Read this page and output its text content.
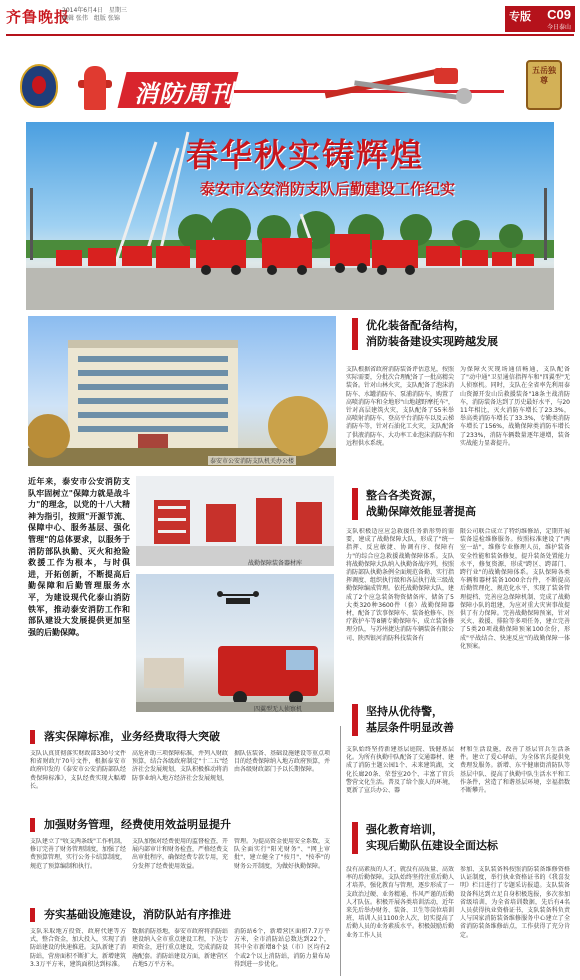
齐鲁晚报
2014年6月4日　星期三
编辑 张伟　组版 张锦	专版 C09
今日泰山
消防周刊
五岳独尊
春华秋实铸辉煌
泰安市公安消防支队后勤建设工作纪实
泰安市公安消防支队机关办公楼
优化装备配备结构，
消防装备建设实现跨越发展
支队根据省政府消防装备评估意见，按照实际需要，分批次合理配备了一批高精尖装备。针对山林火灾，支队配备了泡沫消防车、水罐消防车、泵浦消防车，购置了高喷消防车和全地形"山地越野摩托车"，针对高层建筑火灾，支队配备了55米举高喷射消防车、登高平台消防车以及云梯消防车等，针对石油化工火灾，支队配备了供液消防车、大功率工业泡沫消防车和远程供水系统。
为保障火灾现场通信畅通，支队配备了"动中通"卫星通信指挥车和"四翼型"无人侦察机。同时，支队在全省率先利用泰山资源开发山岳救援装备"18条主战消防车，消防装备达到了历史最好水平，与2011年相比，灭火消防车增长了23.3%，举高类消防车增长了33.3%，专勤类消防车增长了156%，战勤保障类消防车增长了233%，消防车辆数量逐年递增，装备实战能力显著提升。
近年来，泰安市公安消防支队牢固树立"保障力就是战斗力"的理念，以党的十八大精神为指引，按照"开源节流、保障中心、服务基层、强化管理"的总体要求，以服务于消防部队执勤、灭火和抢险救援工作为根本，与时俱进，开拓创新，不断提高后勤保障和后勤管理服务水平，为建设现代化泰山消防铁军，推动泰安消防工作和部队建设大发展提供更加坚强的后勤保障。
战勤保障装备器材库
四翼型无人侦察机
整合各类资源，
战勤保障效能显著提高
支队积极适应应急救援任务新形势的需要，建成了战勤保障大队，形成了"统一指挥、反应敏捷、协调有序、保障有力"的综合应急救援战勤保障体系。支队将战勤保障大队纳入执勤备战序列，按照消防部队执勤条例全面规范备勤、实行指挥调度、组织执行级和各层执行战三级战勤保障编成管理。依托战勤保障大队，建成了2个应急装备物资储备库，储备了5大类320种3600件（套）战勤保障器材，配备了饮事保障车、装备抢修车、医疗救护车等8辆专勤保障车，成立装备修理分队，与苏州捷达消防车辆装备有限公司、陕西银河消防科技装备有
限公司联合成立了特约维修站，定期开展装备巡检维修服务。按照标准建设了"两室一站"，维修专业修理人员，维护装备安全性能和装备修复，提升装备处置能力水平，修复资源，形成"跨区、跨部门、跨行业"的战勤保障体系。支队保障各类车辆和器材装备1000余台件，不断提高后勤管理化、规范化水平，实现了装备管理提档、完善应急保障机制、完成了战勤保障小队的组建，为应对重大灾害事故提供了有力保障。完善战勤保障预案，针对灭火、救援、排险等多项任务，建立完善了5类20项战勤保障预案100余份，形成"平战结合、快速反应"的战勤保障一体化预案。
坚持从优待警，
基层条件明显改善
支队始终坚持新建基层庭院、钱健基层化。为所有执勤中队配备了交通器材、建成了消防主题公园1个、未来建筑湖，文化长廊20条、荣誉室20个、丰富了官兵警营文化生活。普及了给个旅人的环境，更新了宣兵办公、器
材和生活设施，改善了基层官兵生活条件。建立了爱心驿站，为全体官兵提供免费理发服务。新增、东平健康街消防队等基层中队、提高了执勤中队生活水平和工作条件，营造了和谐基层环境，幸福指数不断攀升。
强化教育培训，
实现后勤队伍建设全面达标
没有高素质的人才，就没有高质量、高效率的后勤保障。支队始终坚持注重后勤人才培养，强化教育与管理，逐步形成了一支政治过硬、业务精通、作风严谨的后勤人才队伍。积极开展各类培训活动，近年来先后举办财务、装备、卫生等岗位培训班，培训人员1100余人次，切实提高了后勤人员的业务素质水平。积极鼓励后勤业务工作人员
参加、支队装备科按照消防装备维修资格认证制度，举行执业资格证书的《我喜发明》栏目进行了专题采访报道。支队装备设备科达到立足自身积极选报，多次参加省级培训，为全省培训数据，先后有4名人员获得执业资格证书，支队装备科负责人与国家消防装备维修服务中心建立了全省消防装备维修站点，工作获得了充分肯定。
落实保障标准，业务经费取得大突破
支队认真贯彻落实财政部330号文件和省财政厅70号文件，根据泰安市政府印发的《泰安市公安消防部队经费保障标准》，支队经费实现大幅增长。
高危补助三项保障标准，并列入财政预算，结合各级政府制定"十二五"经济社会发展规划，支队积极推动将消防事业纳入地方经济社会发展规划，
据队伍装备、基础设施建设等重点项目的经费保障纳入地方政府预算，并由各级财政部门予以长期保障。
加强财务管理，经费使用效益明显提升
支队建立了"收支两条线"工作机制，修订完善了财务管理制度，加强了经费预算管理，实行公务卡结算制度，规范了预算编制和执行。
支队加强对经费使用的监督检查，开展内部审计和财务检查，严格经费支出审批程序，确保经费专款专用，充分发挥了经费使用效益。
管理。为提高资金使用安全系数，支队全面实行"阳光财务"、"网上审批"，建立健全了"按月"、"按季"的财务公开制度，为做好执勤保障。
夯实基础设施建设，消防队站有序推进
支队采取地方投资、政府代建等方式，整合资金，加大投入，实现了消防站建设的快速推进。支队新建了消防站，营房面积不断扩大，新增建筑3.3万平方米，建筑面积达到标准。
数据消防基地，泰安市政府将消防站建设纳入全市重点建设工程，下达专项资金，进行重点建设，完成消防设施配套。消防站建设方面，新建营区占地5万平方米。
消防站6个，新增营区面积7.7万平方米，全市消防站总数达到22个，其中全市新增8个县（市）区均有2个或2个以上消防站，消防力量布局得到进一步优化。
